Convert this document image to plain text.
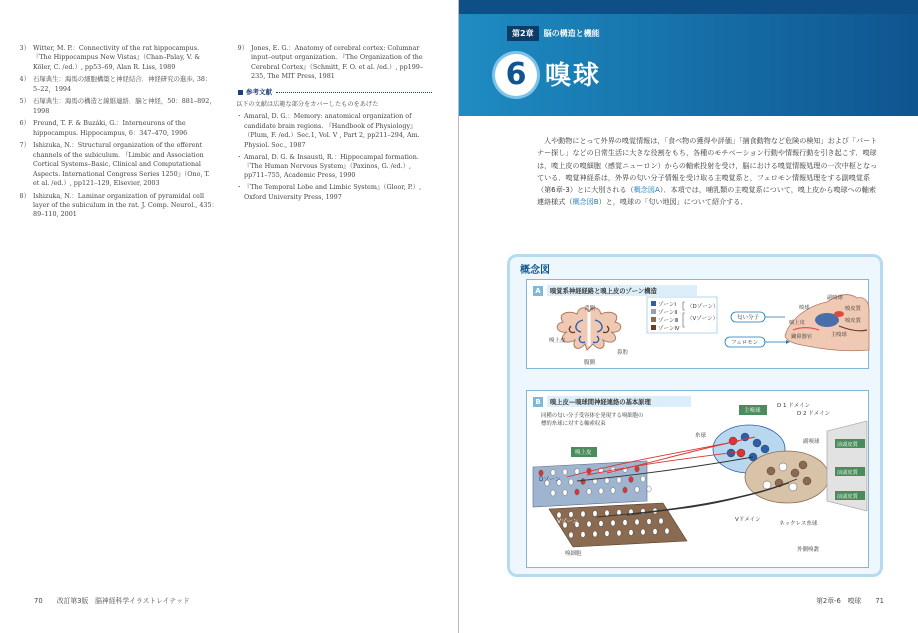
3） Witter, M. P.：Connectivity of the rat hippocampus. 『The Hippocampus New Vistas』（Chan–Palay, V. & Köler, C. /ed.）, pp53–69, Alan R. Liss, 1989
4） 石塚典生：海馬の細胞構築と神経結合．神経研究の進歩, 38：5–22，1994
5） 石塚典生：海馬の構造と線維連絡．脳と神経，50：881–892，1998
6） Freund, T. F. & Buzáki, G.：Interneurons of the hippocampus. Hippocampus, 6：347–470, 1996
7） Ishizuka, N.：Structural organization of the efferent channels of the subiculum. 『Limbic and Association Cortical Systems–Basic, Clinical and Computational Aspects. International Congress Series 1250』（Ono, T. et al. /ed.）, pp121–129, Elsevier, 2003
8） Ishizuka, N.：Laminar organization of pyramidal cell layer of the subiculum in the rat. J. Comp. Neurol., 435：89–110, 2001
9） Jones, E. G.：Anatomy of cerebral cortex: Columnar input–output organization. 『The Organization of the Cerebral Cortex』（Schmitt, F. O. et al. /ed.）, pp199–235, The MIT Press, 1981
参考文献
以下の文献は広範な部分をカバーしたものをあげた
・ Amaral, D. G.：Memory: anatomical organization of candidate brain regions. 『Handbook of Physiology』（Plum, F. /ed.）Sec.1, Vol. V , Part 2, pp211–294, Am. Physiol. Soc., 1987
・ Amaral, D. G. & Insausti, R.：Hippocampal formation. 『The Human Nervous System』（Paxinos, G. /ed.）, pp711–755, Academic Press, 1990
・ 『The Temporal Lobe and Limbic System』（Gloor, P.）, Oxford University Press, 1997
70 改訂第3版　脳神経科学イラストレイテッド
第2章	脳の構造と機能
6 嗅球
人や動物にとって外界の嗅覚情報は，「食べ物の獲得や評価」「捕食動物など危険の検知」および「パートナー探し」などの日常生活に大きな役割をもち，各種のモチベーション行動や情報行動を引き起こす．嗅球は，嗅上皮の嗅細胞（感覚ニューロン）からの軸索投射を受け，脳における嗅覚情報処理の一次中枢となっている．嗅覚神経系は，外界の匂い分子情報を受け取る主嗅覚系と，フェロモン情報処理をする副嗅覚系（第6章-3）とに大別される（概念図A）．本項では，哺乳類の主嗅覚系について，嗅上皮から嗅球への軸索連絡様式（概念図B）と，嗅球の「匂い地図」について紹介する．
概念図
A	嗅覚系神経経路と嗅上皮のゾーン構造
背側
嗅上皮
鼻腔
腹側
ゾーンⅠ
ゾーンⅡ
ゾーンⅢ
ゾーンⅣ
（Dゾーン）
（Vゾーン）	匂い分子
フェロモン
嗅球
副嗅球
嗅皮質
嗅上皮
鋤鼻器官	主嗅球
嗅皮質
B	嗅上皮—嗅球間神経連絡の基本原理
同種の匂い分子受容体を発現する嗅細胞の
標的糸球に対する軸索収束
主嗅球
D 1 ドメイン
D 2 ドメイン
糸球
副嗅球	前頭皮質
前頭皮質
前頭皮質
嗅上皮
Dゾーン
Vゾーン
嗅細胞
Vドメイン
ネックレス糸球
外側嗅叢
第2章-6　嗅球 71
